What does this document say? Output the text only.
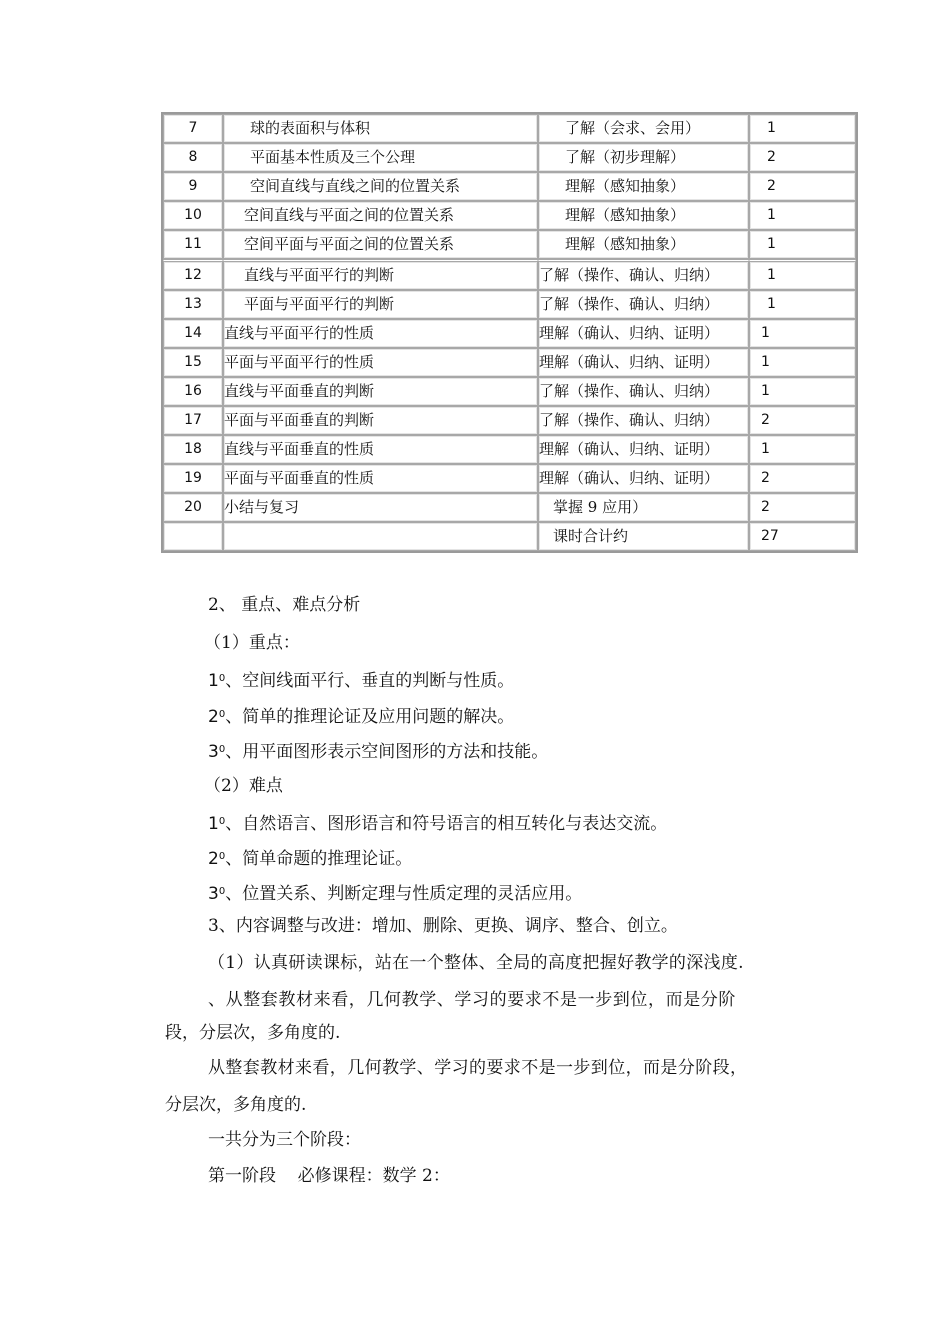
7	球的表面积与体积	了解（会求、会用）	1
8	平面基本性质及三个公理	了解（初步理解）	2
9	空间直线与直线之间的位置关系	理解（感知抽象）	2
10	空间直线与平面之间的位置关系	理解（感知抽象）	1
11	空间平面与平面之间的位置关系	理解（感知抽象）	1
12	直线与平面平行的判断	了解（操作、确认、归纳）	1
13	平面与平面平行的判断	了解（操作、确认、归纳）	1
14	直线与平面平行的性质	理解（确认、归纳、证明）	1
15	平面与平面平行的性质	理解（确认、归纳、证明）	1
16	直线与平面垂直的判断	了解（操作、确认、归纳）	1
17	平面与平面垂直的判断	了解（操作、确认、归纳）	2
18	直线与平面垂直的性质	理解（确认、归纳、证明）	1
19	平面与平面垂直的性质	理解（确认、归纳、证明）	2
20	小结与复习	掌握 9 应用）	2
		课时合计约	27
2、 重点、难点分析
（1）重点：
$1^0$、空间线面平行、垂直的判断与性质。
$2^0$、简单的推理论证及应用问题的解决。
$3^0$、用平面图形表示空间图形的方法和技能。
（2）难点
$1^0$、自然语言、图形语言和符号语言的相互转化与表达交流。
$2^0$、简单命题的推理论证。
$3^0$、位置关系、判断定理与性质定理的灵活应用。
3、内容调整与改进：增加、删除、更换、调序、整合、创立。
（1）认真研读课标，站在一个整体、全局的高度把握好教学的深浅度.
、从整套教材来看，几何教学、学习的要求不是一步到位，而是分阶
段，分层次，多角度的.
从整套教材来看，几何教学、学习的要求不是一步到位，而是分阶段，
分层次，多角度的.
一共分为三个阶段：
第一阶段    必修课程：数学 2：
